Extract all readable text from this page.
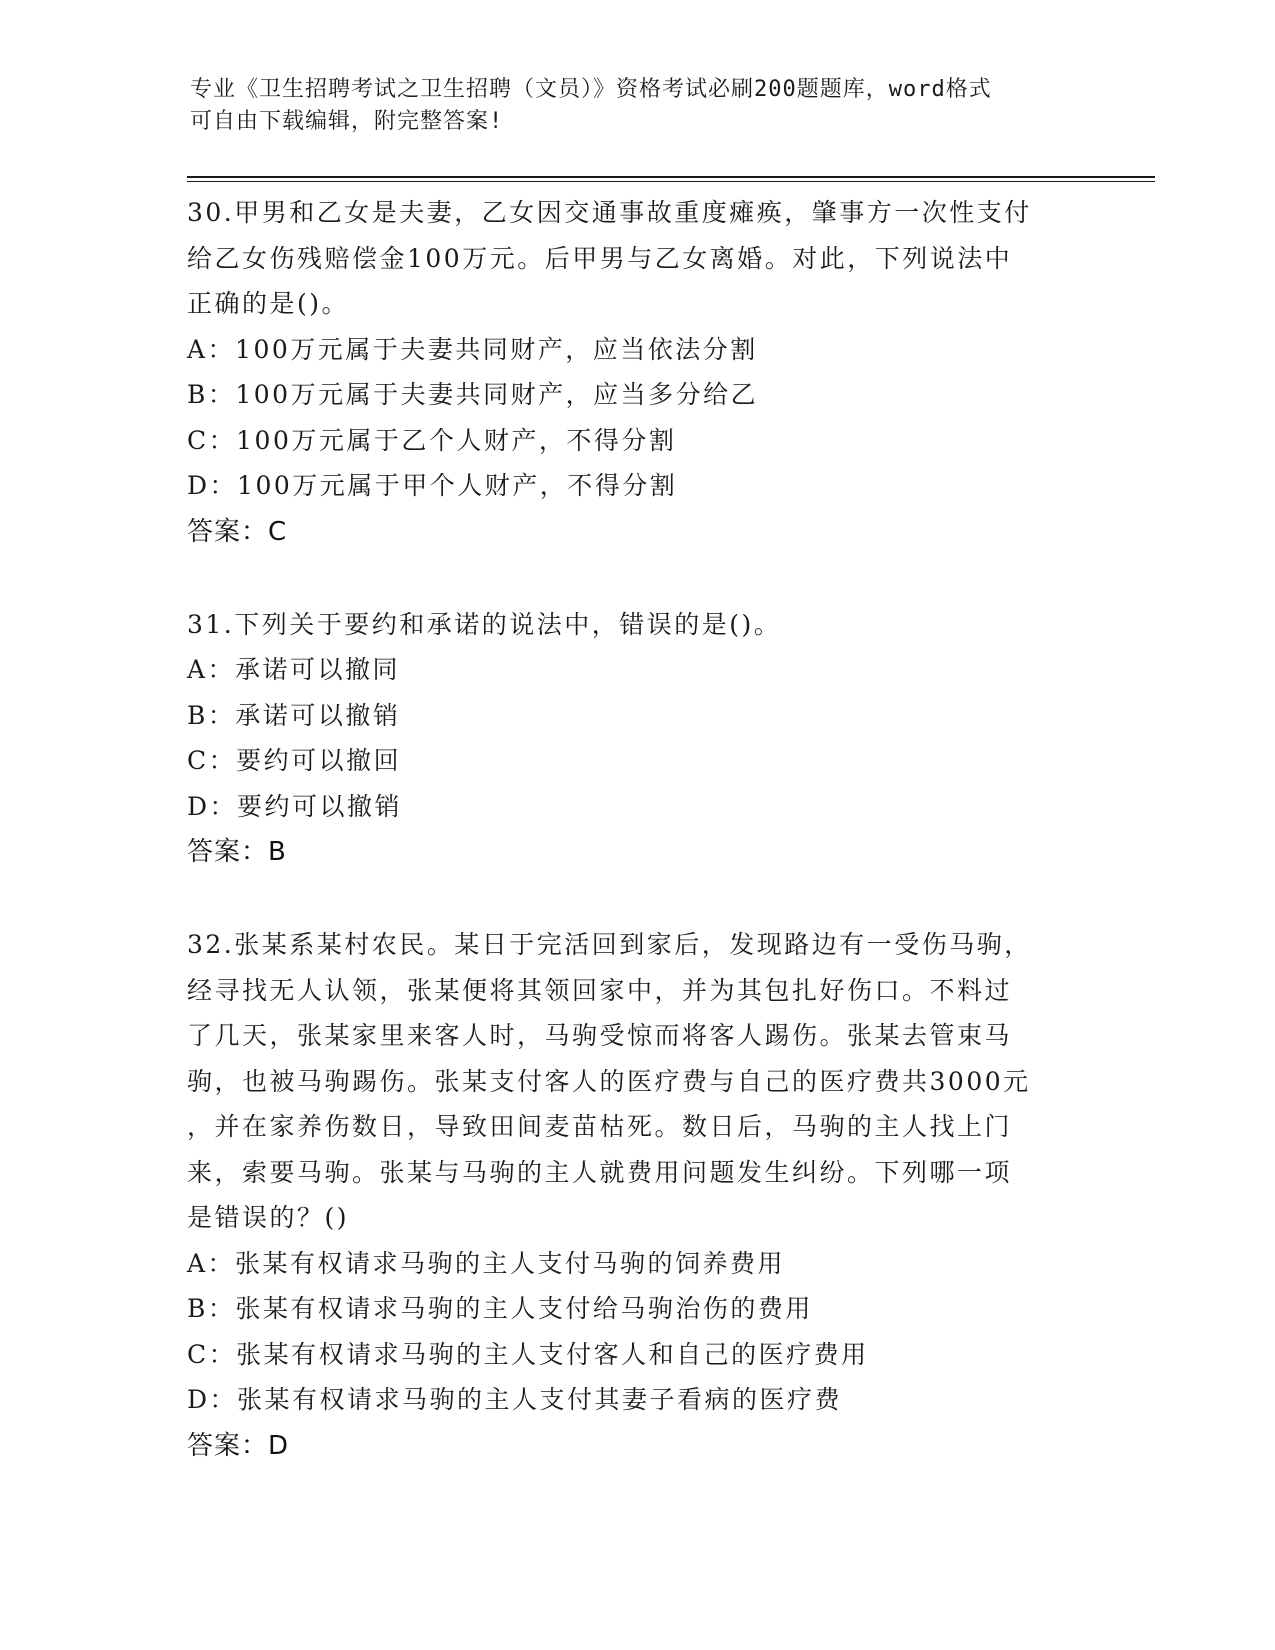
专业《卫生招聘考试之卫生招聘（文员）》资格考试必刷200题题库，word格式
可自由下载编辑，附完整答案!
30.甲男和乙女是夫妻，乙女因交通事故重度瘫痪，肇事方一次性支付
给乙女伤残赔偿金100万元。后甲男与乙女离婚。对此，下列说法中
正确的是()。
A：100万元属于夫妻共同财产，应当依法分割
B：100万元属于夫妻共同财产，应当多分给乙
C：100万元属于乙个人财产，不得分割
D：100万元属于甲个人财产，不得分割
答案：C
31.下列关于要约和承诺的说法中，错误的是()。
A：承诺可以撤同
B：承诺可以撤销
C：要约可以撤回
D：要约可以撤销
答案：B
32.张某系某村农民。某日于完活回到家后，发现路边有一受伤马驹，
经寻找无人认领，张某便将其领回家中，并为其包扎好伤口。不料过
了几天，张某家里来客人时，马驹受惊而将客人踢伤。张某去管束马
驹，也被马驹踢伤。张某支付客人的医疗费与自己的医疗费共3000元
，并在家养伤数日，导致田间麦苗枯死。数日后，马驹的主人找上门
来，索要马驹。张某与马驹的主人就费用问题发生纠纷。下列哪一项
是错误的？()
A：张某有权请求马驹的主人支付马驹的饲养费用
B：张某有权请求马驹的主人支付给马驹治伤的费用
C：张某有权请求马驹的主人支付客人和自己的医疗费用
D：张某有权请求马驹的主人支付其妻子看病的医疗费
答案：D
